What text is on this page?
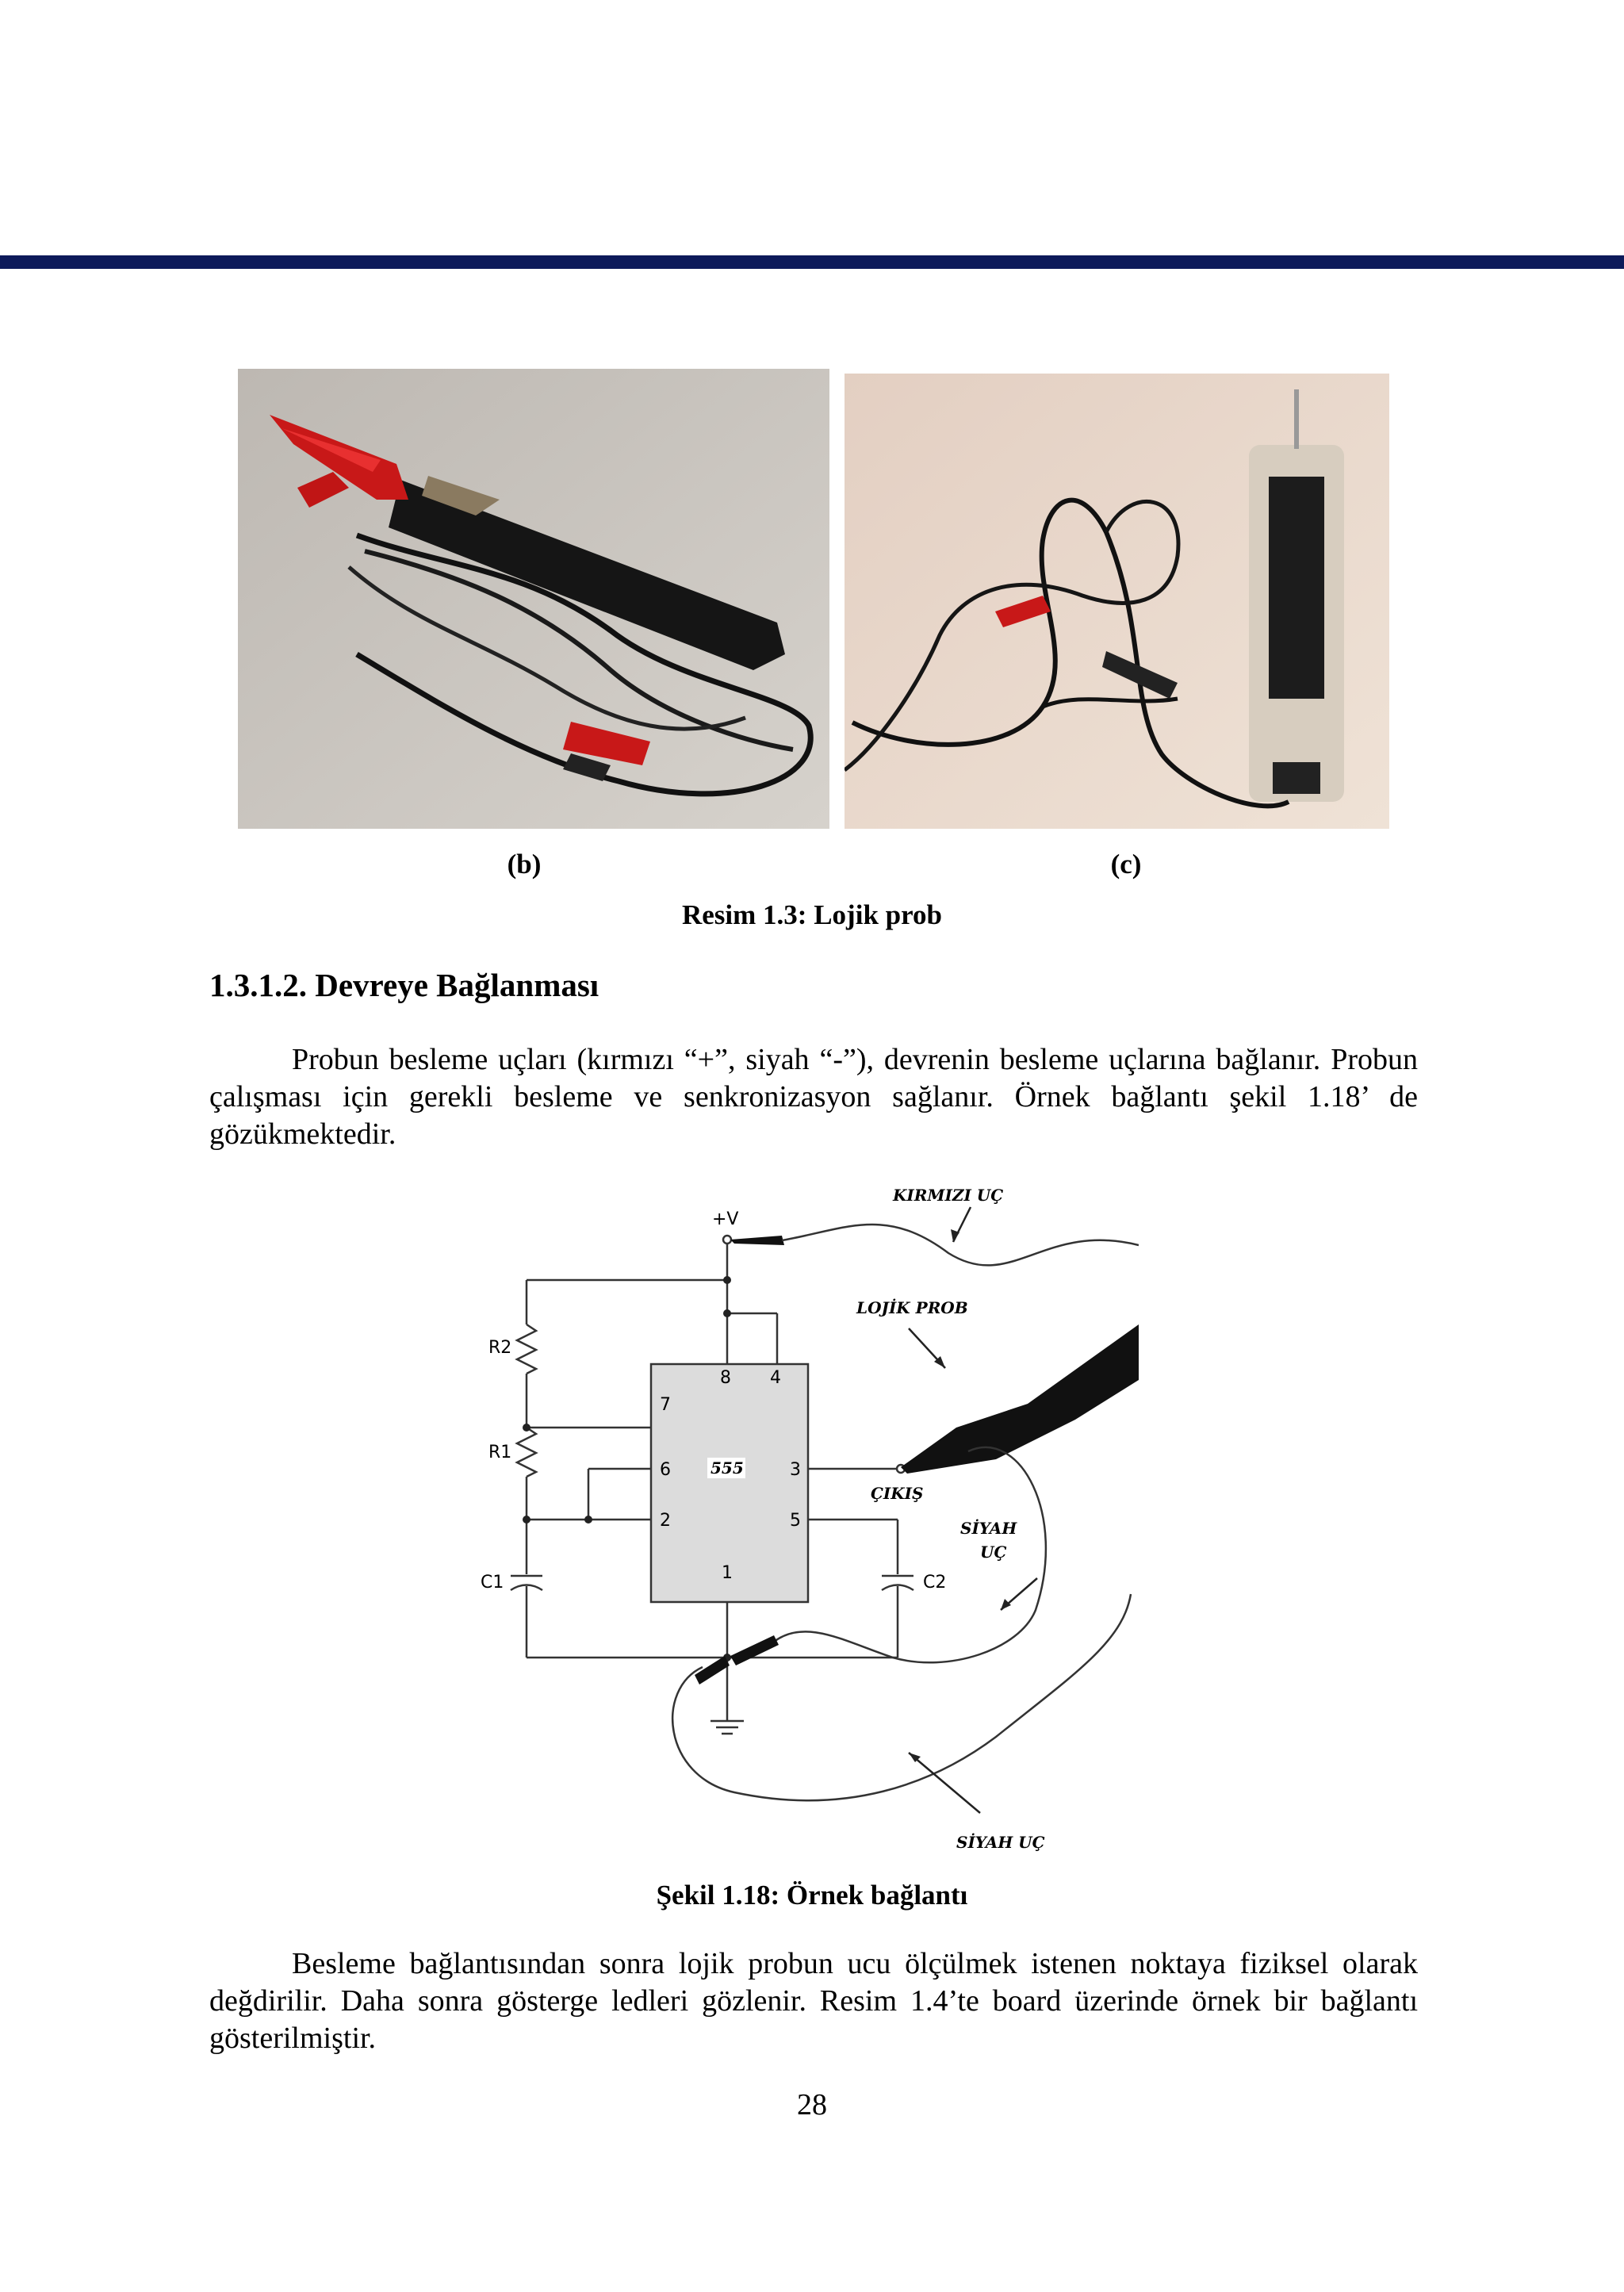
(b)	(c)
Resim 1.3: Lojik prob
1.3.1.2. Devreye Bağlanması

Probun besleme uçları (kırmızı “+”, siyah “-”), devrenin besleme uçlarına bağlanır. Probun çalışması için gerekli besleme ve senkronizasyon sağlanır. Örnek bağlantı şekil 1.18’ de gözükmektedir.

+V
R2
R1
C1	C2
8 4
7
6	3
2	5
1
555
KIRMIZI UÇ
LOJİK PROB
ÇIKIŞ
SİYAH
UÇ
SİYAH UÇ
Şekil 1.18: Örnek bağlantı

Besleme bağlantısından sonra lojik probun ucu ölçülmek istenen noktaya fiziksel olarak değdirilir. Daha sonra gösterge ledleri gözlenir. Resim 1.4’te board üzerinde örnek bir bağlantı gösterilmiştir.

28
